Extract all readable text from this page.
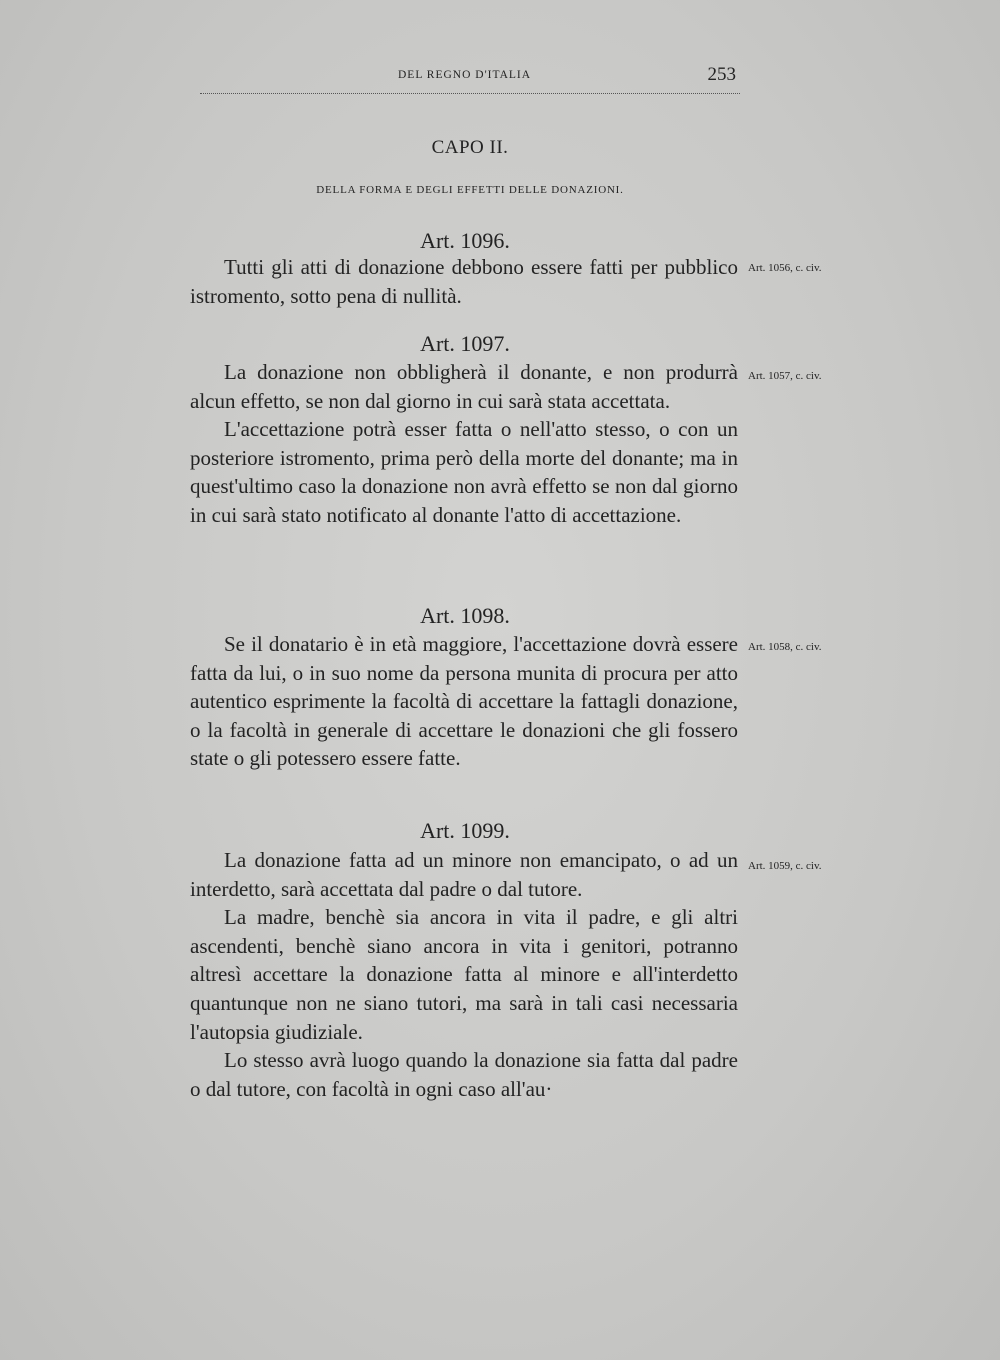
DEL REGNO D'ITALIA	253
CAPO II.
DELLA FORMA E DEGLI EFFETTI DELLE DONAZIONI.
Art. 1096.
Art. 1056, c. civ.

Tutti gli atti di donazione debbono essere fatti per pubblico istromento, sotto pena di nullità.

Art. 1097.
Art. 1057, c. civ.

La donazione non obbligherà il donante, e non produrrà alcun effetto, se non dal giorno in cui sarà stata accettata.

L'accettazione potrà esser fatta o nell'atto stesso, o con un posteriore istromento, prima però della morte del donante; ma in quest'ultimo caso la donazione non avrà effetto se non dal giorno in cui sarà stato notificato al donante l'atto di accettazione.

Art. 1098.
Art. 1058, c. civ.

Se il donatario è in età maggiore, l'accettazione dovrà essere fatta da lui, o in suo nome da persona munita di procura per atto autentico esprimente la facoltà di accettare la fattagli donazione, o la facoltà in generale di accettare le donazioni che gli fossero state o gli potessero essere fatte.

Art. 1099.
Art. 1059, c. civ.

La donazione fatta ad un minore non emancipato, o ad un interdetto, sarà accettata dal padre o dal tutore.

La madre, benchè sia ancora in vita il padre, e gli altri ascendenti, benchè siano ancora in vita i genitori, potranno altresì accettare la donazione fatta al minore e all'interdetto quantunque non ne siano tutori, ma sarà in tali casi necessaria l'autopsia giudiziale.

Lo stesso avrà luogo quando la donazione sia fatta dal padre o dal tutore, con facoltà in ogni caso all'au·
